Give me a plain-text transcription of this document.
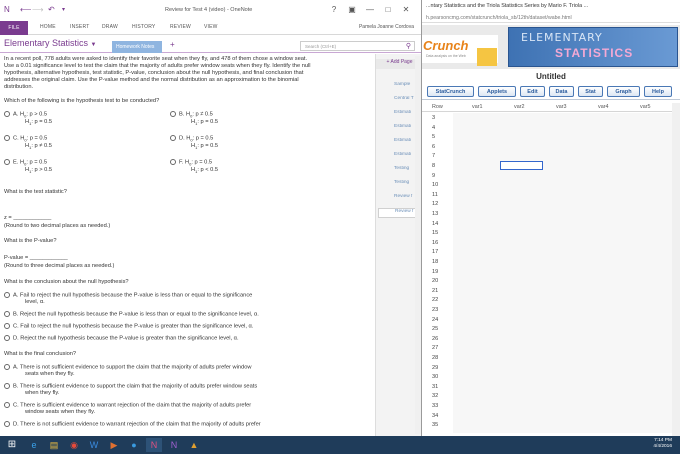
N ⟵ ⟶ ↶ ▾	Review for Test 4 (video) - OneNote	?	▣ —	□	✕
FILE	HOME	INSERT	DRAW	HISTORY	REVIEW	VIEW	Pamela Joanne Cordova
Elementary Statistics ▼	Homework Notes	+	Search (Ctrl+E)	⚲
In a recent poll, 778 adults were asked to identify their favorite seat when they fly, and 478 of them chose a window seat.
Use a 0.01 significance level to test the claim that the majority of adults prefer window seats when they fly. Identify the null
hypothesis, alternative hypothesis, test statistic, P-value, conclusion about the null hypothesis, and final conclusion that
addresses the original claim. Use the P-value method and the normal distribution as an approximation to the binomial
distribution.
Which of the following is the hypothesis test to be conducted?
A. $H_0$: p > 0.5
$H_1$: p = 0.5
B. $H_0$: p ≠ 0.5
$H_1$: p = 0.5
C. $H_0$: p = 0.5
$H_1$: p ≠ 0.5
D. $H_0$: p = 0.5
$H_1$: p = 0.5
E. $H_0$: p = 0.5
$H_1$: p > 0.5
F. $H_0$: p = 0.5
$H_1$: p < 0.5
What is the test statistic?
z = ____________
(Round to two decimal places as needed.)
What is the P-value?
P-value = ____________
(Round to three decimal places as needed.)
What is the conclusion about the null hypothesis?
A. Fail to reject the null hypothesis because the P-value is less than or equal to the significance
level, α.
B. Reject the null hypothesis because the P-value is less than or equal to the significance level, α.
C. Fail to reject the null hypothesis because the P-value is greater than the significance level, α.
D. Reject the null hypothesis because the P-value is greater than the significance level, α.
What is the final conclusion?
A. There is not sufficient evidence to support the claim that the majority of adults prefer window
seats when they fly.
B. There is sufficient evidence to support the claim that the majority of adults prefer window seats
when they fly.
C. There is sufficient evidence to warrant rejection of the claim that the majority of adults prefer
window seats when they fly.
D. There is not sufficient evidence to warrant rejection of the claim that the majority of adults prefer
+ Add Page
Sample
Central T
Estimati
Estimati
Estimati
Estimati
Testing
Testing
Review f
Review f
...ntary Statistics and the Triola Statistics Series by Mario F. Triola ...
h.pearsoncmg.com/statcrunch/triola_sb/12th/dataset/wabe.html
Crunch
Data analysis on the Web
ELEMENTARY
STATISTICS
Untitled
StatCrunch	Applets	Edit	Data	Stat	Graph	Help
Row	var1	var2	var3	var4	var5
3
4
5
6
7
8
9
10
11
12
13
14
15
16
17
18
19
20
21
22
23
24
25
26
27
28
29
30
31
32
33
34
35
⊞	e	▤	◉	W	▶	●	N	N	▲	7:14 PM
4/4/2016
